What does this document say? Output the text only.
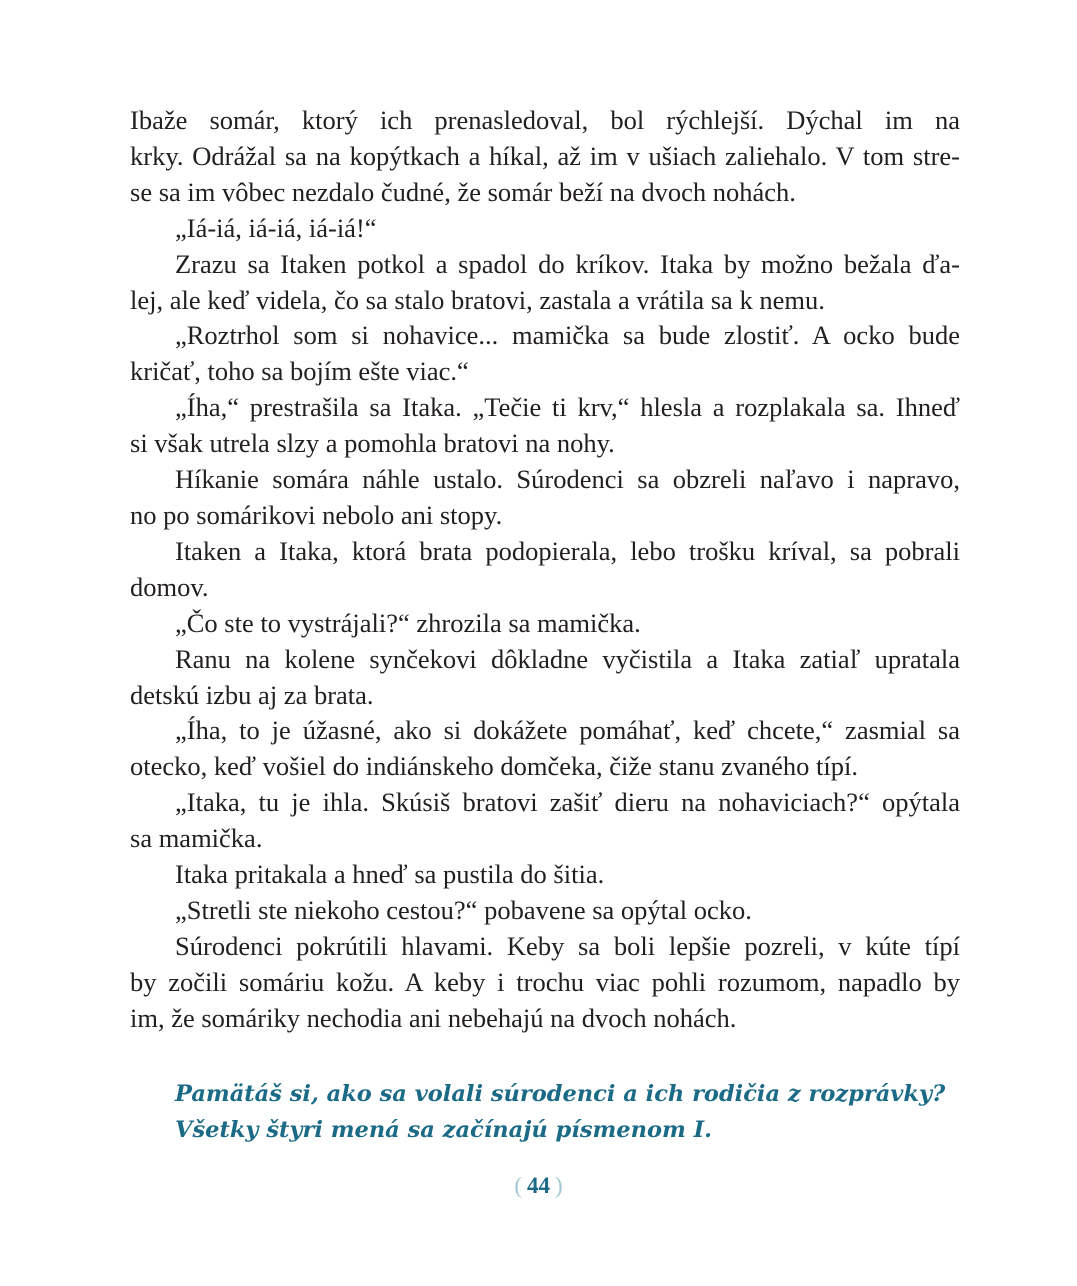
Ibaže somár, ktorý ich prenasledoval, bol rýchlejší. Dýchal im na
krky. Odrážal sa na kopýtkach a híkal, až im v ušiach zaliehalo. V tom stre-
se sa im vôbec nezdalo čudné, že somár beží na dvoch nohách.
„Iá-iá, iá-iá, iá-iá!“
Zrazu sa Itaken potkol a spadol do kríkov. Itaka by možno bežala ďa-
lej, ale keď videla, čo sa stalo bratovi, zastala a vrátila sa k nemu.
„Roztrhol som si nohavice... mamička sa bude zlostiť. A ocko bude
kričať, toho sa bojím ešte viac.“
„Íha,“ prestrašila sa Itaka. „Tečie ti krv,“ hlesla a rozplakala sa. Ihneď
si však utrela slzy a pomohla bratovi na nohy.
Híkanie somára náhle ustalo. Súrodenci sa obzreli naľavo i napravo,
no po somárikovi nebolo ani stopy.
Itaken a Itaka, ktorá brata podopierala, lebo trošku kríval, sa pobrali
domov.
„Čo ste to vystrájali?“ zhrozila sa mamička.
Ranu na kolene synčekovi dôkladne vyčistila a Itaka zatiaľ upratala
detskú izbu aj za brata.
„Íha, to je úžasné, ako si dokážete pomáhať, keď chcete,“ zasmial sa
otecko, keď vošiel do indiánskeho domčeka, čiže stanu zvaného típí.
„Itaka, tu je ihla. Skúsiš bratovi zašiť dieru na nohaviciach?“ opýtala
sa mamička.
Itaka pritakala a hneď sa pustila do šitia.
„Stretli ste niekoho cestou?“ pobavene sa opýtal ocko.
Súrodenci pokrútili hlavami. Keby sa boli lepšie pozreli, v kúte típí
by zočili somáriu kožu. A keby i trochu viac pohli rozumom, napadlo by
im, že somáriky nechodia ani nebehajú na dvoch nohách.
Pamätáš si, ako sa volali súrodenci a ich rodičia z rozprávky?
Všetky štyri mená sa začínajú písmenom I.
( 44 )
